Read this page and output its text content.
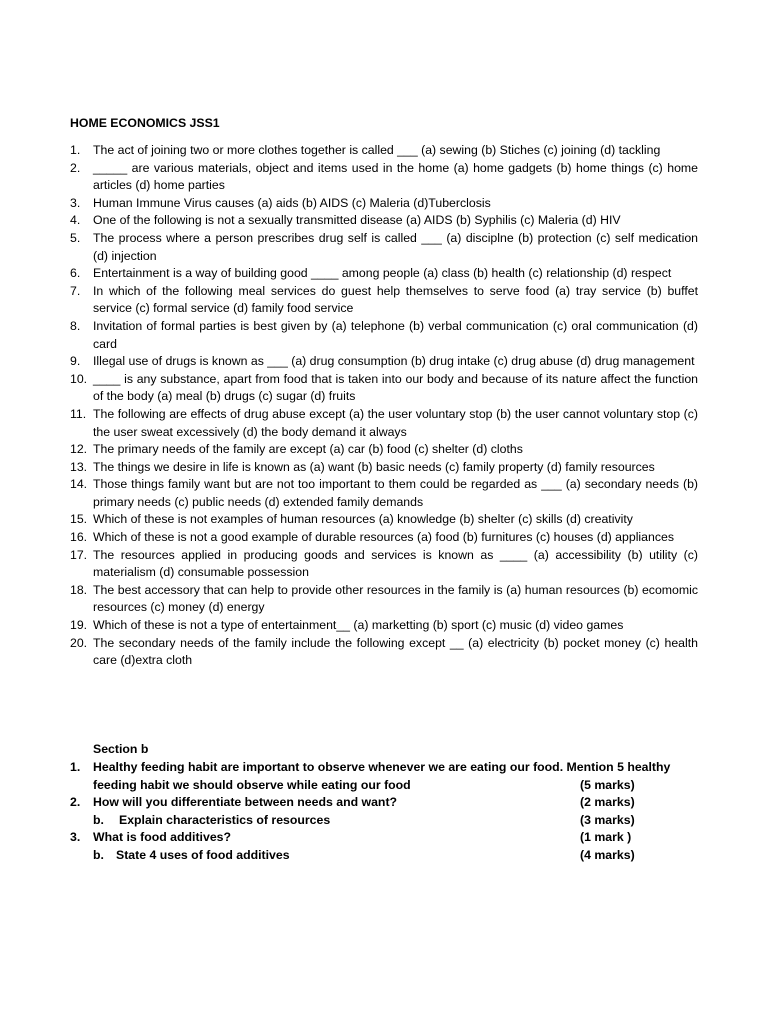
HOME ECONOMICS JSS1
1.	The act of joining two or more clothes together is called ___ (a) sewing (b) Stiches (c) joining (d) tackling
2.	_____ are various materials, object and items used in the home (a) home gadgets (b) home things (c) home articles (d) home parties
3.	Human Immune Virus causes (a) aids (b) AIDS (c) Maleria (d)Tuberclosis
4.	One of the following is not a sexually transmitted disease (a) AIDS (b) Syphilis (c) Maleria (d) HIV
5.	The process where a person prescribes drug self is called ___ (a) disciplne (b) protection (c) self medication (d) injection
6.	Entertainment is a way of building good ____ among people (a) class (b) health (c) relationship (d) respect
7.	In which of the following meal services do guest help themselves to serve food (a) tray service (b) buffet service (c) formal service (d) family food service
8.	Invitation of formal parties is best given by (a) telephone (b) verbal communication (c) oral communication (d) card
9.	Illegal use of drugs is known as ___ (a) drug consumption (b) drug intake (c) drug abuse (d) drug management
10. ____ is any substance, apart from food that is taken into our body and because of its nature affect the function of the body (a) meal (b) drugs (c) sugar (d) fruits
11. The following are effects of drug abuse except (a) the user voluntary stop (b) the user cannot voluntary stop (c) the user sweat excessively (d) the body demand it always
12. The primary needs of the family are except (a) car (b) food (c) shelter (d) cloths
13. The things we desire in life is known as (a) want (b) basic needs (c) family property (d) family resources
14. Those things family want but are not too important to them could be regarded as ___ (a) secondary needs (b) primary needs (c) public needs (d) extended family demands
15. Which of these is not examples of human resources (a) knowledge (b) shelter (c) skills (d) creativity
16. Which of these is not a good example of durable resources (a) food (b) furnitures (c) houses (d) appliances
17. The resources applied in producing goods and services is known as ____ (a) accessibility (b) utility (c) materialism (d) consumable possession
18. The best accessory that can help to provide other resources in the family is (a) human resources (b) ecomomic resources (c) money (d) energy
19. Which of these is not a type of entertainment__ (a) marketting (b) sport (c) music (d) video games
20. The secondary needs of the family include the following except __ (a) electricity (b) pocket money (c) health care (d)extra cloth
Section b
1.	Healthy feeding habit are important to observe whenever we are eating our food. Mention 5 healthy
feeding habit we should observe while eating our food	(5 marks)
2.	How will you differentiate between needs and want?	(2 marks)
b. Explain characteristics of resources	(3 marks)
3.	What is food additives?	(1 mark )
b. State 4 uses of food additives	(4 marks)
